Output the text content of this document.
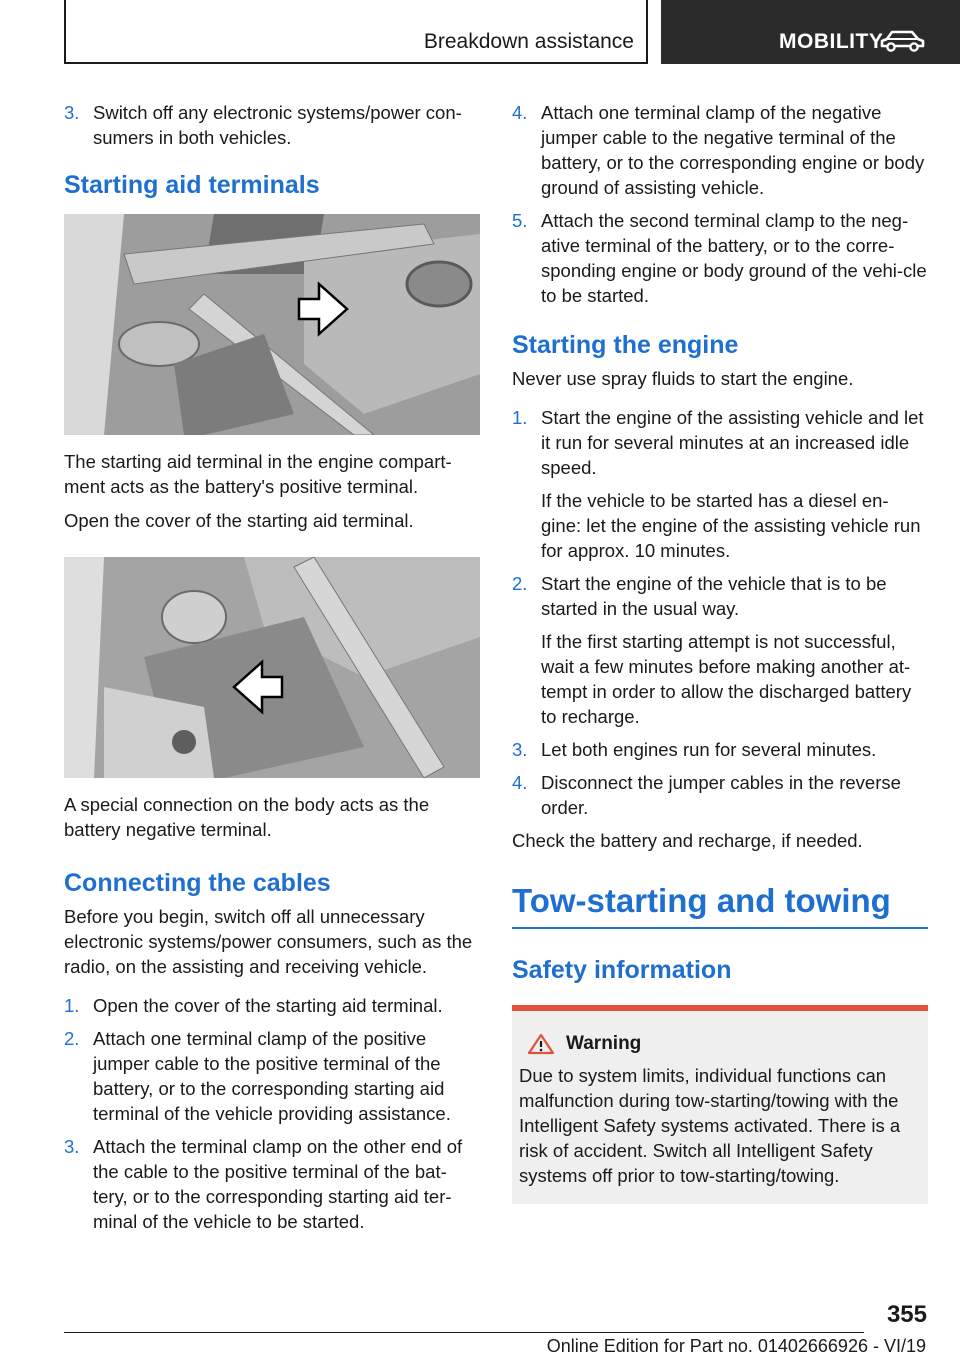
Breakdown assistance	MOBILITY
3. Switch off any electronic systems/power con-sumers in both vehicles.
Starting aid terminals

The starting aid terminal in the engine compart-ment acts as the battery's positive terminal.

Open the cover of the starting aid terminal.

A special connection on the body acts as the battery negative terminal.

Connecting the cables

Before you begin, switch off all unnecessary electronic systems/power consumers, such as the radio, on the assisting and receiving vehicle.

1. Open the cover of the starting aid terminal.
2. Attach one terminal clamp of the positive jumper cable to the positive terminal of the battery, or to the corresponding starting aid terminal of the vehicle providing assistance.
3. Attach the terminal clamp on the other end of the cable to the positive terminal of the bat-tery, or to the corresponding starting aid ter-minal of the vehicle to be started.
4. Attach one terminal clamp of the negative jumper cable to the negative terminal of the battery, or to the corresponding engine or body ground of assisting vehicle.
5. Attach the second terminal clamp to the neg-ative terminal of the battery, or to the corre-sponding engine or body ground of the vehi-cle to be started.
Starting the engine

Never use spray fluids to start the engine.

1. Start the engine of the assisting vehicle and let it run for several minutes at an increased idle speed.
If the vehicle to be started has a diesel en-gine: let the engine of the assisting vehicle run for approx. 10 minutes.
2. Start the engine of the vehicle that is to be started in the usual way.
If the first starting attempt is not successful, wait a few minutes before making another at-tempt in order to allow the discharged battery to recharge.
3. Let both engines run for several minutes.
4. Disconnect the jumper cables in the reverse order.

Check the battery and recharge, if needed.

Tow-starting and towing
Safety information
Warning
Due to system limits, individual functions can malfunction during tow-starting/towing with the Intelligent Safety systems activated. There is a risk of accident. Switch all Intelligent Safety systems off prior to tow-starting/towing.
355
Online Edition for Part no. 01402666926 - VI/19
